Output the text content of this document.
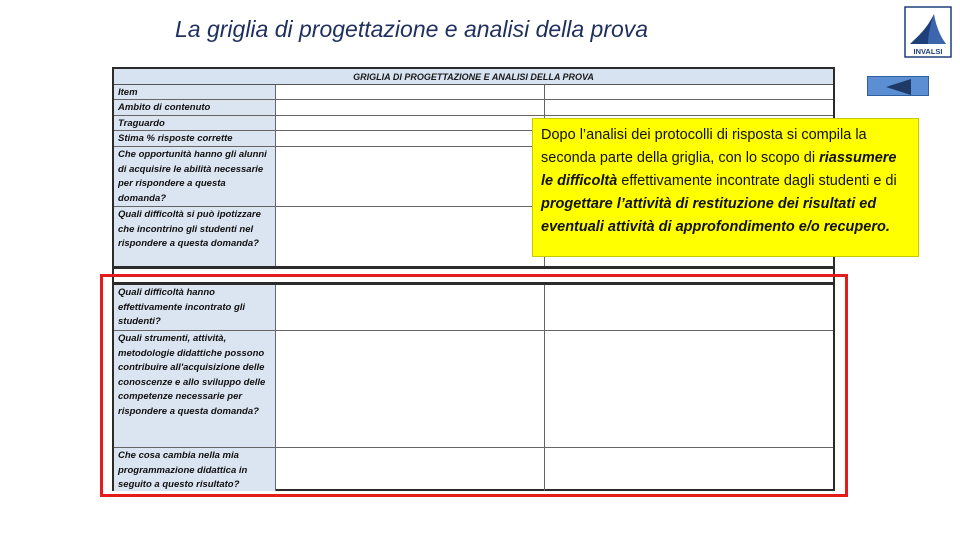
La griglia di progettazione e analisi della prova
INVALSI
GRIGLIA DI PROGETTAZIONE E ANALISI DELLA PROVA
Item
Ambito di contenuto
Traguardo
Stima % risposte corrette
Che opportunità hanno gli alunni di acquisire le abilità necessarie per rispondere a questa domanda?
Quali difficoltà si può ipotizzare che incontrino gli studenti nel rispondere a questa domanda?
Quali difficoltà hanno effettivamente incontrato gli studenti?
Quali strumenti, attività, metodologie didattiche possono contribuire all'acquisizione delle conoscenze e allo sviluppo delle competenze necessarie per rispondere a questa domanda?
Che cosa cambia nella mia programmazione didattica in seguito a questo risultato?
Dopo l’analisi dei protocolli di risposta si compila la seconda parte della griglia, con lo scopo di riassumere le difficoltà effettivamente incontrate dagli studenti e di progettare l’attività di restituzione dei risultati ed eventuali attività di approfondimento e/o recupero.
